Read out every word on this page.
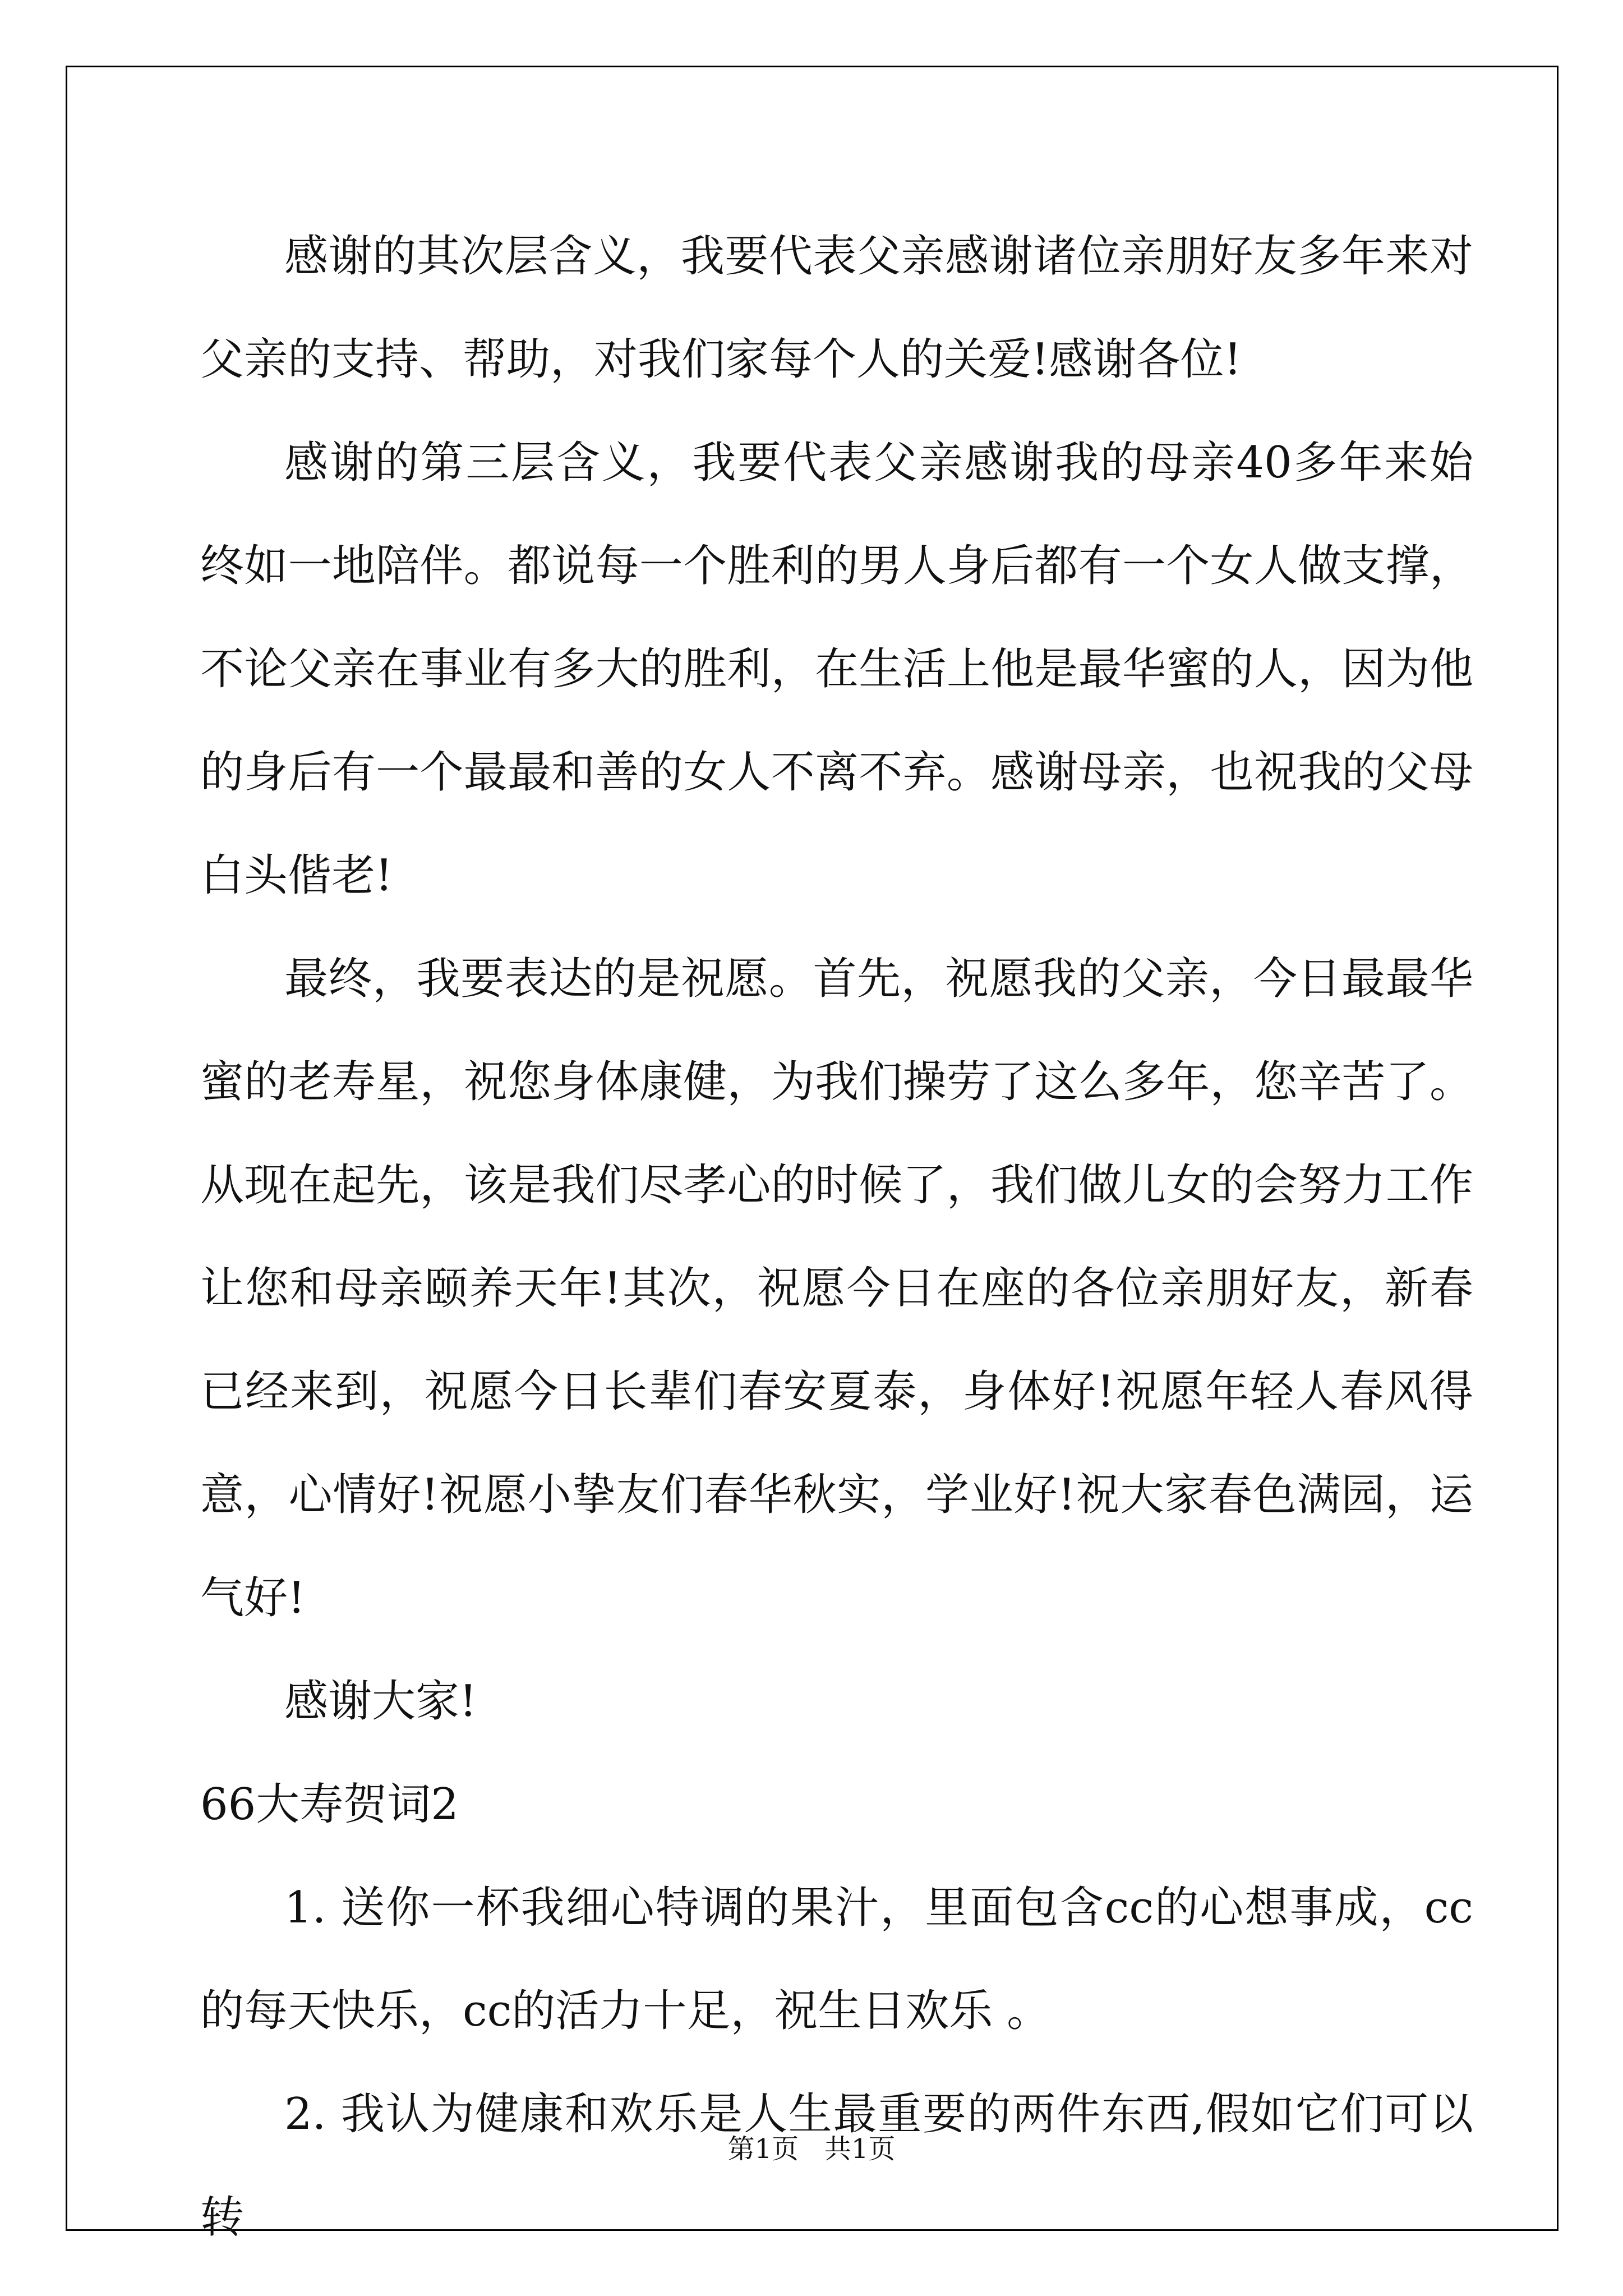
感谢的其次层含义，我要代表父亲感谢诸位亲朋好友多年来对父亲的支持、帮助，对我们家每个人的关爱!感谢各位!

感谢的第三层含义，我要代表父亲感谢我的母亲40多年来始终如一地陪伴。都说每一个胜利的男人身后都有一个女人做支撑，不论父亲在事业有多大的胜利，在生活上他是最华蜜的人，因为他的身后有一个最最和善的女人不离不弃。感谢母亲，也祝我的父母白头偕老!

最终，我要表达的是祝愿。首先，祝愿我的父亲，今日最最华蜜的老寿星，祝您身体康健，为我们操劳了这么多年，您辛苦了。从现在起先，该是我们尽孝心的时候了，我们做儿女的会努力工作让您和母亲颐养天年!其次，祝愿今日在座的各位亲朋好友，新春已经来到，祝愿今日长辈们春安夏泰，身体好!祝愿年轻人春风得意，心情好!祝愿小挚友们春华秋实，学业好!祝大家春色满园，运气好!

感谢大家!

66大寿贺词2

1. 送你一杯我细心特调的果汁，里面包含cc的心想事成，cc的每天快乐，cc的活力十足，祝生日欢乐 。

2. 我认为健康和欢乐是人生最重要的两件东西,假如它们可以转

第1页   共1页
